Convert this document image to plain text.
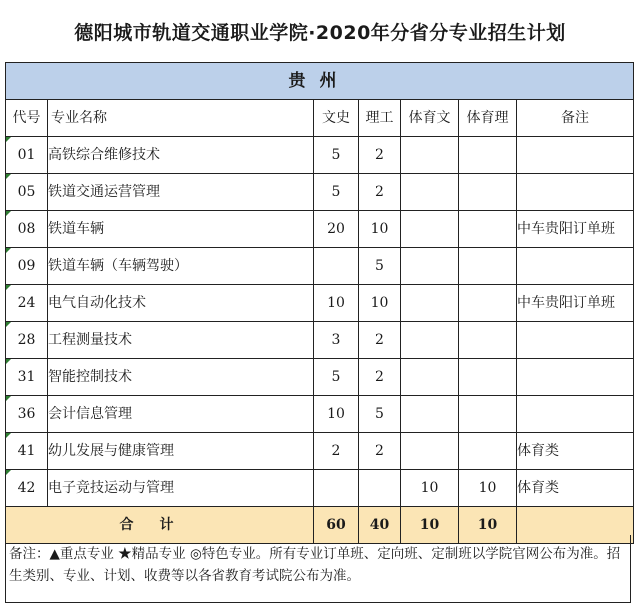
德阳城市轨道交通职业学院·2020年分省分专业招生计划
贵州						
代号	专业名称	文史	理工	体育文	体育理	备注
01	高铁综合维修技术	5	2			
05	铁道交通运营管理	5	2			
08	铁道车辆	20	10			中车贵阳订单班
09	铁道车辆（车辆驾驶）		5			
24	电气自动化技术	10	10			中车贵阳订单班
28	工程测量技术	3	2			
31	智能控制技术	5	2			
36	会计信息管理	10	5			
41	幼儿发展与健康管理	2	2			体育类
42	电子竞技运动与管理			10	10	体育类
合计		60	40	10	10	
备注：▲重点专业 ★精品专业 ◎特色专业。所有专业订单班、定向班、定制班以学院官网公布为准。招生类别、专业、计划、收费等以各省教育考试院公布为准。
